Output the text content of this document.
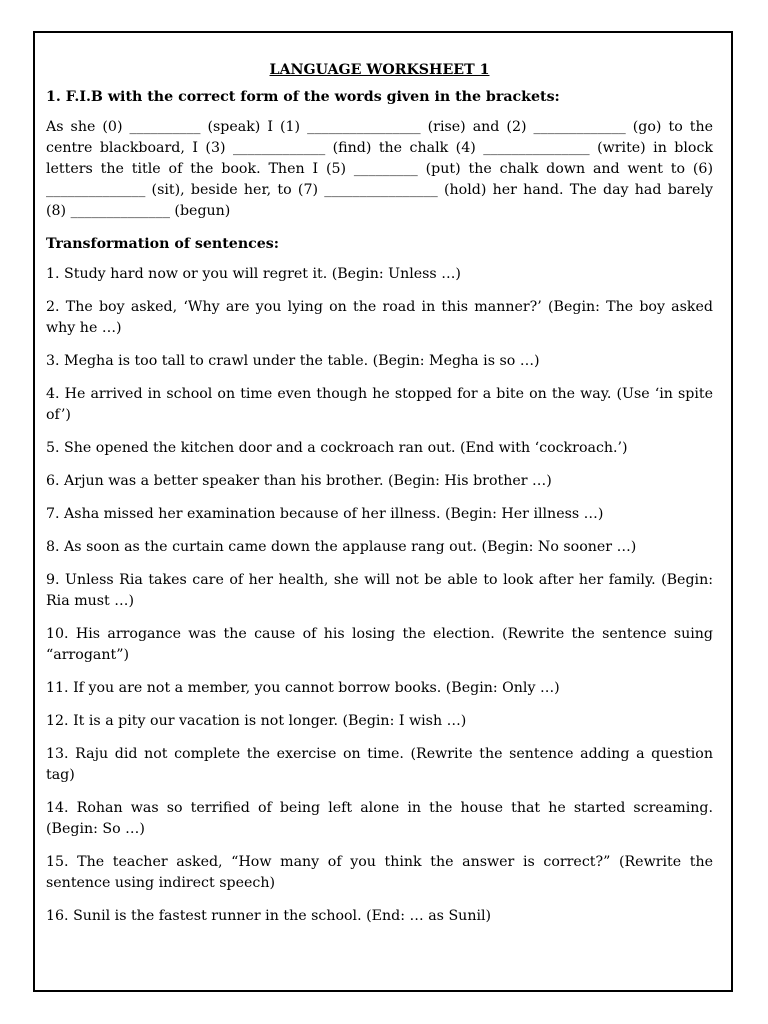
LANGUAGE WORKSHEET 1
1. F.I.B with the correct form of the words given in the brackets:
As she (0) __________ (speak) I (1) ________________ (rise) and (2) _____________ (go) to the centre blackboard, I (3) _____________ (find) the chalk (4) _______________ (write) in block letters the title of the book. Then I (5) _________ (put) the chalk down and went to (6) ______________ (sit), beside her, to (7) ________________ (hold) her hand. The day had barely (8) ______________ (begun)
Transformation of sentences:
1. Study hard now or you will regret it. (Begin: Unless …)
2. The boy asked, ‘Why are you lying on the road in this manner?’ (Begin: The boy asked why he …)
3. Megha is too tall to crawl under the table. (Begin: Megha is so …)
4. He arrived in school on time even though he stopped for a bite on the way. (Use ‘in spite of’)
5. She opened the kitchen door and a cockroach ran out. (End with ‘cockroach.’)
6. Arjun was a better speaker than his brother. (Begin: His brother …)
7. Asha missed her examination because of her illness. (Begin: Her illness …)
8. As soon as the curtain came down the applause rang out. (Begin: No sooner …)
9. Unless Ria takes care of her health, she will not be able to look after her family. (Begin: Ria must …)
10. His arrogance was the cause of his losing the election. (Rewrite the sentence suing “arrogant”)
11. If you are not a member, you cannot borrow books. (Begin: Only …)
12. It is a pity our vacation is not longer. (Begin: I wish …)
13. Raju did not complete the exercise on time. (Rewrite the sentence adding a question tag)
14. Rohan was so terrified of being left alone in the house that he started screaming. (Begin: So …)
15. The teacher asked, “How many of you think the answer is correct?” (Rewrite the sentence using indirect speech)
16. Sunil is the fastest runner in the school. (End: … as Sunil)
